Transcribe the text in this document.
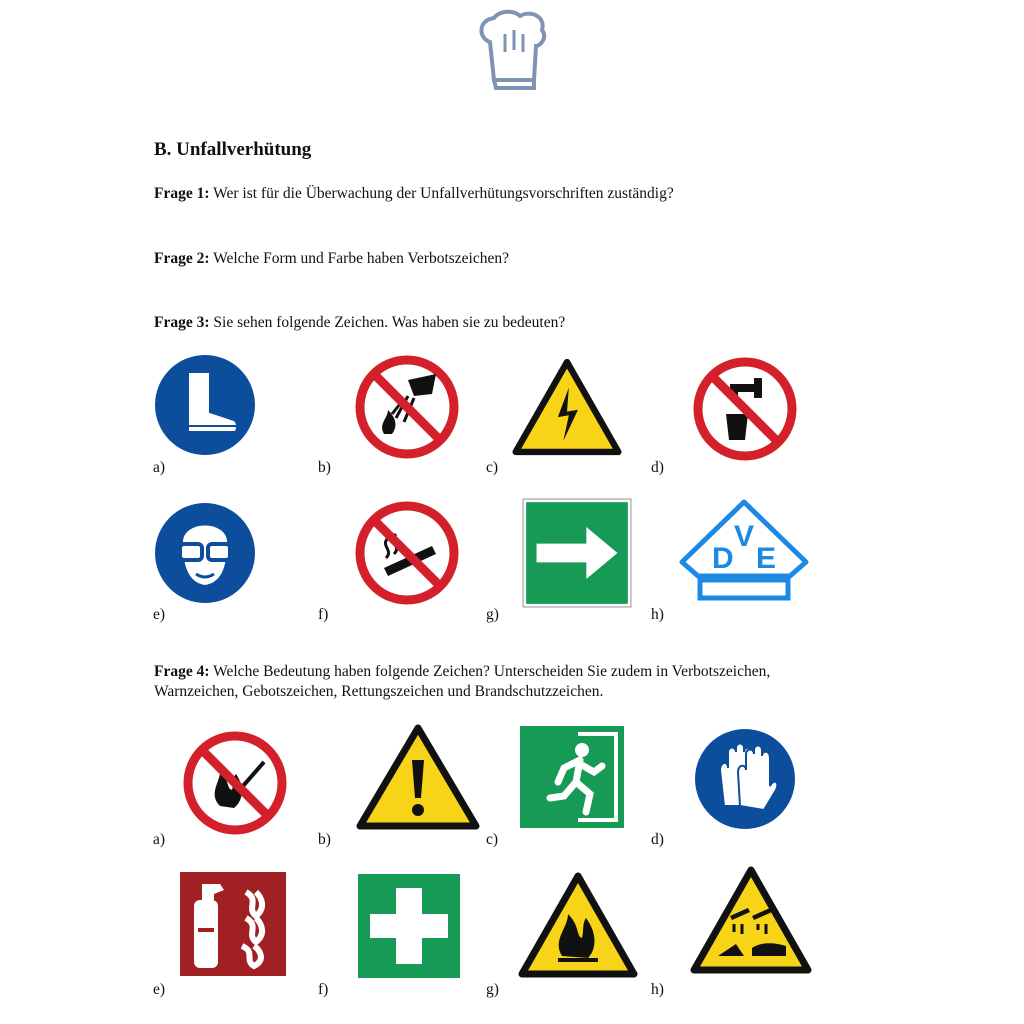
B. Unfallverhütung
Frage 1: Wer ist für die Überwachung der Unfallverhütungsvorschriften zuständig?
Frage 2: Welche Form und Farbe haben Verbotszeichen?
Frage 3: Sie sehen folgende Zeichen. Was haben sie zu bedeuten?
a)	b)	c)	d)
D
V
E
e)	f)	g)	h)
Frage 4: Welche Bedeutung haben folgende Zeichen? Unterscheiden Sie zudem in Verbotszeichen, Warnzeichen, Gebotszeichen, Rettungszeichen und Brandschutzzeichen.
a)	b)	c)	d)
e)	f)	g)	h)
